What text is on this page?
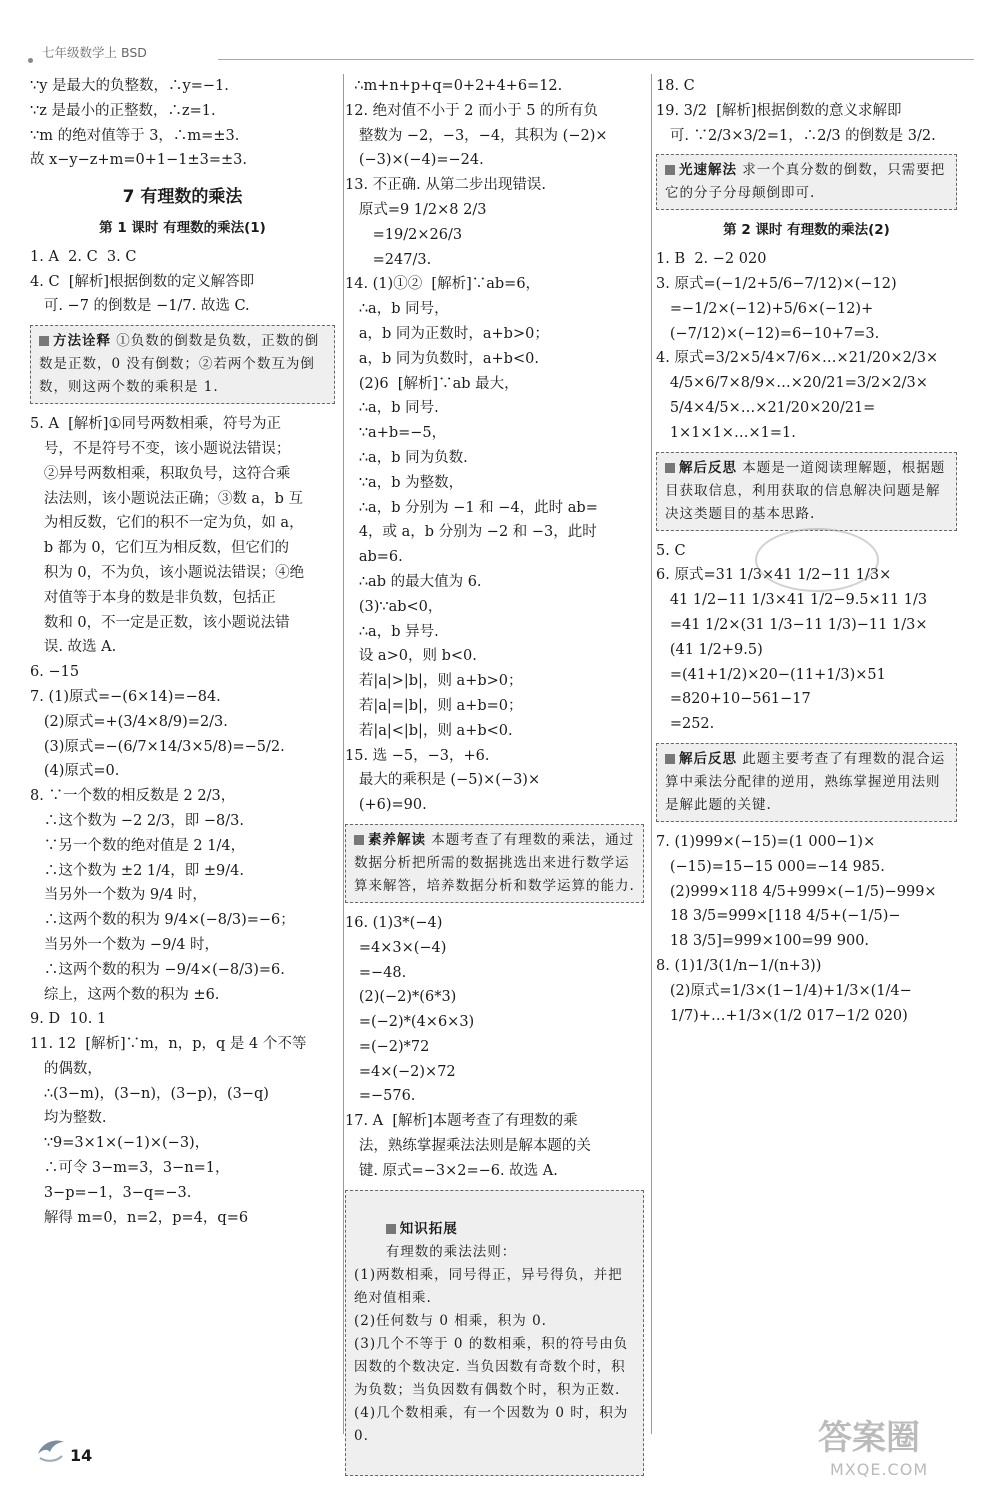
七年级数学上 BSD
∵y 是最大的负整数，∴y=−1.
∵z 是最小的正整数，∴z=1.
∵m 的绝对值等于 3，∴m=±3.
故 x−y−z+m=0+1−1±3=±3.
7 有理数的乘法
第 1 课时 有理数的乘法(1)
1. A  2. C  3. C
4. C  [解析]根据倒数的定义解答即
可. −7 的倒数是 −1/7. 故选 C.
方法诠释 ①负数的倒数是负数，正数的倒数是正数，0 没有倒数；②若两个数互为倒数，则这两个数的乘积是 1.
5. A  [解析]①同号两数相乘，符号为正
号，不是符号不变，该小题说法错误；
②异号两数相乘，积取负号，这符合乘
法法则，该小题说法正确；③数 a，b 互
为相反数，它们的积不一定为负，如 a，
b 都为 0，它们互为相反数，但它们的
积为 0，不为负，该小题说法错误；④绝
对值等于本身的数是非负数，包括正
数和 0，不一定是正数，该小题说法错
误. 故选 A.
6. −15
7. (1)原式=−(6×14)=−84.
(2)原式=+(3/4×8/9)=2/3.
(3)原式=−(6/7×14/3×5/8)=−5/2.
(4)原式=0.
8. ∵一个数的相反数是 2 2/3，
∴这个数为 −2 2/3，即 −8/3.
∵另一个数的绝对值是 2 1/4，
∴这个数为 ±2 1/4，即 ±9/4.
当另外一个数为 9/4 时，
∴这两个数的积为 9/4×(−8/3)=−6；
当另外一个数为 −9/4 时，
∴这两个数的积为 −9/4×(−8/3)=6.
综上，这两个数的积为 ±6.
9. D  10. 1
11. 12  [解析]∵m，n，p，q 是 4 个不等
的偶数，
∴(3−m)，(3−n)，(3−p)，(3−q)
均为整数.
∵9=3×1×(−1)×(−3)，
∴可令 3−m=3，3−n=1，
3−p=−1，3−q=−3.
解得 m=0，n=2，p=4，q=6
∴m+n+p+q=0+2+4+6=12.
12. 绝对值不小于 2 而小于 5 的所有负
整数为 −2，−3，−4，其积为 (−2)×
(−3)×(−4)=−24.
13. 不正确. 从第二步出现错误.
原式=9 1/2×8 2/3
=19/2×26/3
=247/3.
14. (1)①②  [解析]∵ab=6，
∴a，b 同号，
a，b 同为正数时，a+b>0；
a，b 同为负数时，a+b<0.
(2)6  [解析]∵ab 最大，
∴a，b 同号.
∵a+b=−5，
∴a，b 同为负数.
∵a，b 为整数，
∴a，b 分别为 −1 和 −4，此时 ab=
4，或 a，b 分别为 −2 和 −3，此时
ab=6.
∴ab 的最大值为 6.
(3)∵ab<0，
∴a，b 异号.
设 a>0，则 b<0.
若|a|>|b|，则 a+b>0；
若|a|=|b|，则 a+b=0；
若|a|<|b|，则 a+b<0.
15. 选 −5，−3，+6.
最大的乘积是 (−5)×(−3)×
(+6)=90.
素养解读 本题考查了有理数的乘法，通过数据分析把所需的数据挑选出来进行数学运算来解答，培养数据分析和数学运算的能力.
16. (1)3*(−4)
=4×3×(−4)
=−48.
(2)(−2)*(6*3)
=(−2)*(4×6×3)
=(−2)*72
=4×(−2)×72
=−576.
17. A  [解析]本题考查了有理数的乘
法，熟练掌握乘法法则是解本题的关
键. 原式=−3×2=−6. 故选 A.

知识拓展
有理数的乘法法则：
(1)两数相乘，同号得正，异号得负，并把绝对值相乘.
(2)任何数与 0 相乘，积为 0.
(3)几个不等于 0 的数相乘，积的符号由负因数的个数决定. 当负因数有奇数个时，积为负数；当负因数有偶数个时，积为正数.
(4)几个数相乘，有一个因数为 0 时，积为 0.

18. C
19. 3/2  [解析]根据倒数的意义求解即
可. ∵2/3×3/2=1，∴2/3 的倒数是 3/2.
光速解法 求一个真分数的倒数，只需要把它的分子分母颠倒即可.
第 2 课时 有理数的乘法(2)
1. B  2. −2 020
3. 原式=(−1/2+5/6−7/12)×(−12)
=−1/2×(−12)+5/6×(−12)+
(−7/12)×(−12)=6−10+7=3.
4. 原式=3/2×5/4×7/6×…×21/20×2/3×
4/5×6/7×8/9×…×20/21=3/2×2/3×
5/4×4/5×…×21/20×20/21=
1×1×1×…×1=1.
解后反思 本题是一道阅读理解题，根据题目获取信息，利用获取的信息解决问题是解决这类题目的基本思路.
5. C
6. 原式=31 1/3×41 1/2−11 1/3×
41 1/2−11 1/3×41 1/2−9.5×11 1/3
=41 1/2×(31 1/3−11 1/3)−11 1/3×
(41 1/2+9.5)
=(41+1/2)×20−(11+1/3)×51
=820+10−561−17
=252.
解后反思 此题主要考查了有理数的混合运算中乘法分配律的逆用，熟练掌握逆用法则是解此题的关键.
7. (1)999×(−15)=(1 000−1)×
(−15)=15−15 000=−14 985.
(2)999×118 4/5+999×(−1/5)−999×
18 3/5=999×[118 4/5+(−1/5)−
18 3/5]=999×100=99 900.
8. (1)1/3(1/n−1/(n+3))
(2)原式=1/3×(1−1/4)+1/3×(1/4−
1/7)+…+1/3×(1/2 017−1/2 020)
14	答案圈
MXQE.COM
